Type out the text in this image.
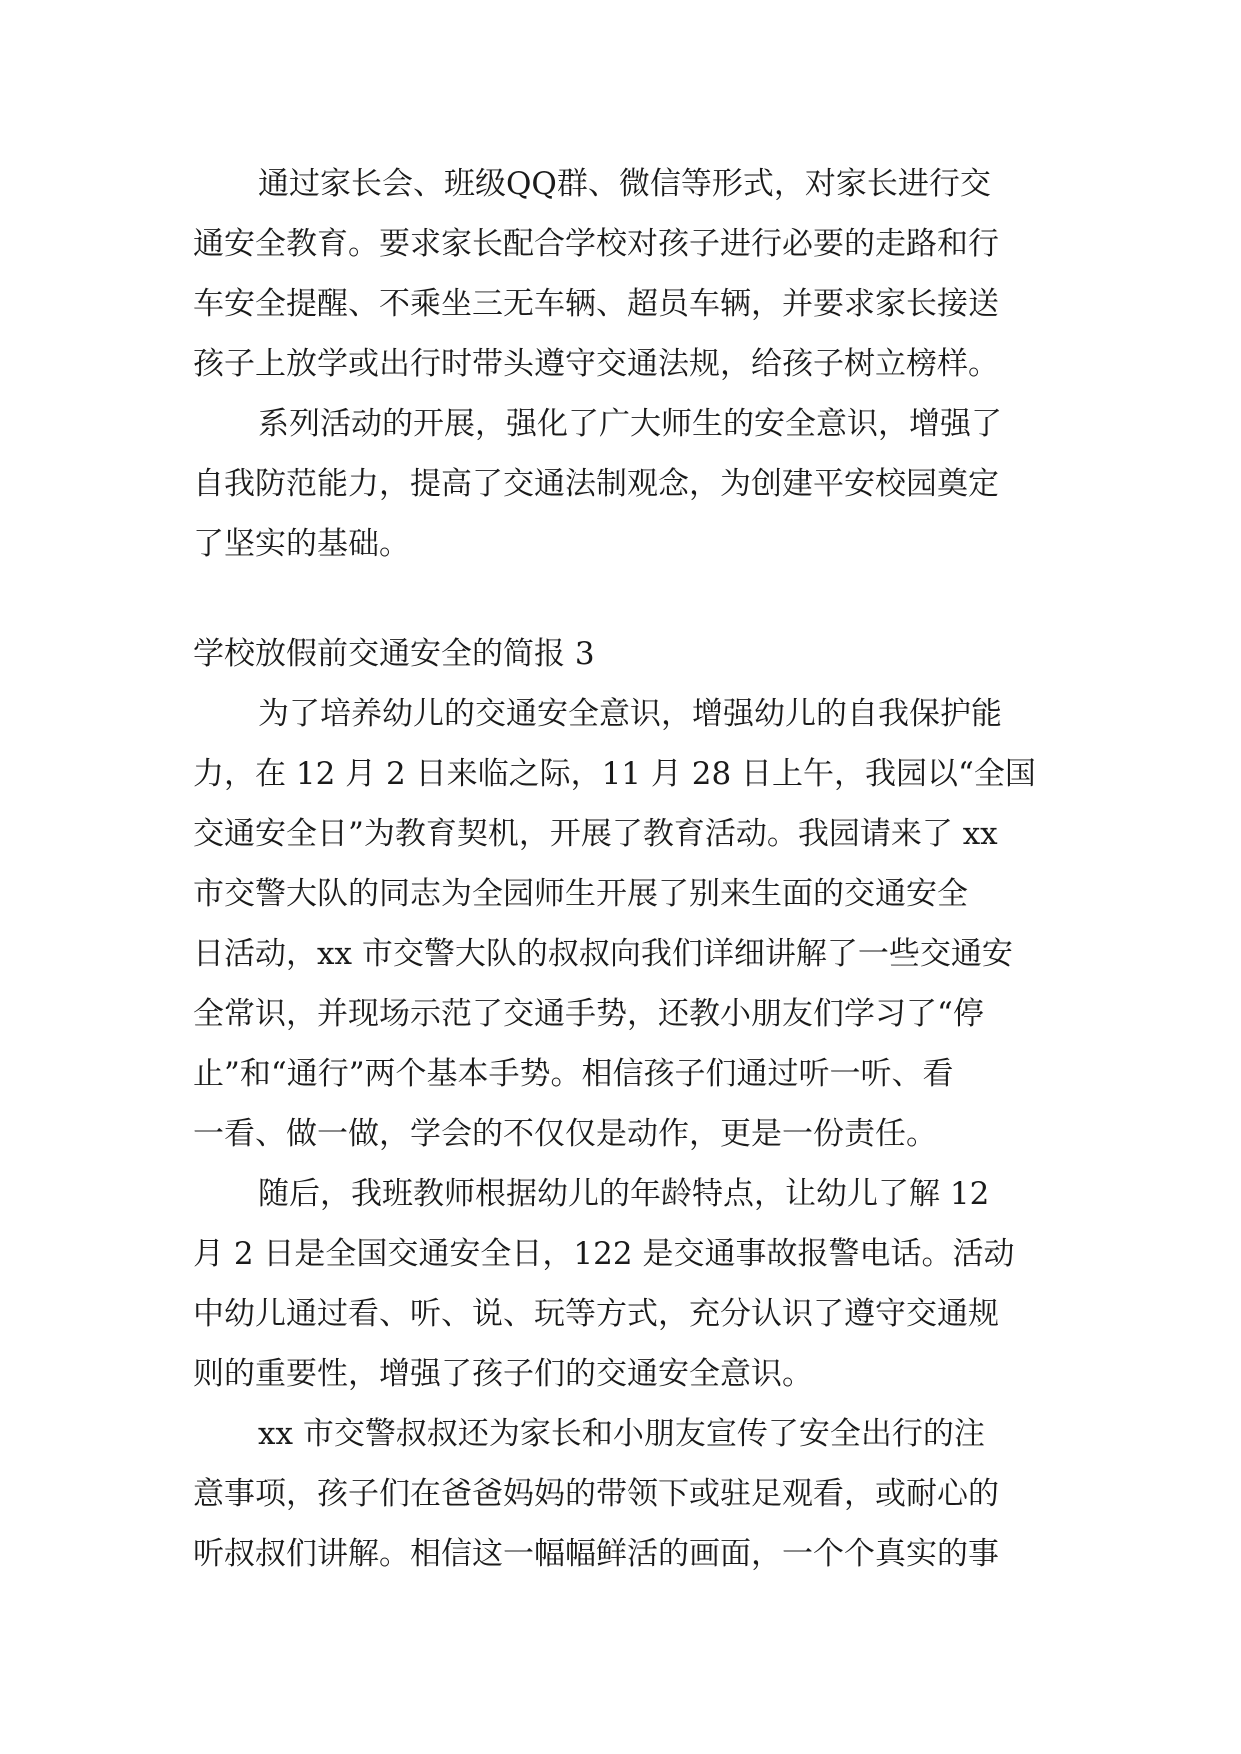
通过家长会、班级QQ群、微信等形式，对家长进行交
通安全教育。要求家长配合学校对孩子进行必要的走路和行
车安全提醒、不乘坐三无车辆、超员车辆，并要求家长接送
孩子上放学或出行时带头遵守交通法规，给孩子树立榜样。
系列活动的开展，强化了广大师生的安全意识，增强了
自我防范能力，提高了交通法制观念，为创建平安校园奠定
了坚实的基础。
学校放假前交通安全的简报 3
为了培养幼儿的交通安全意识，增强幼儿的自我保护能
力，在 12 月 2 日来临之际，11 月 28 日上午，我园以“全国
交通安全日”为教育契机，开展了教育活动。我园请来了 xx
市交警大队的同志为全园师生开展了别来生面的交通安全
日活动，xx 市交警大队的叔叔向我们详细讲解了一些交通安
全常识，并现场示范了交通手势，还教小朋友们学习了“停
止”和“通行”两个基本手势。相信孩子们通过听一听、看
一看、做一做，学会的不仅仅是动作，更是一份责任。
随后，我班教师根据幼儿的年龄特点，让幼儿了解 12
月 2 日是全国交通安全日，122 是交通事故报警电话。活动
中幼儿通过看、听、说、玩等方式，充分认识了遵守交通规
则的重要性，增强了孩子们的交通安全意识。
xx 市交警叔叔还为家长和小朋友宣传了安全出行的注
意事项，孩子们在爸爸妈妈的带领下或驻足观看，或耐心的
听叔叔们讲解。相信这一幅幅鲜活的画面，一个个真实的事
